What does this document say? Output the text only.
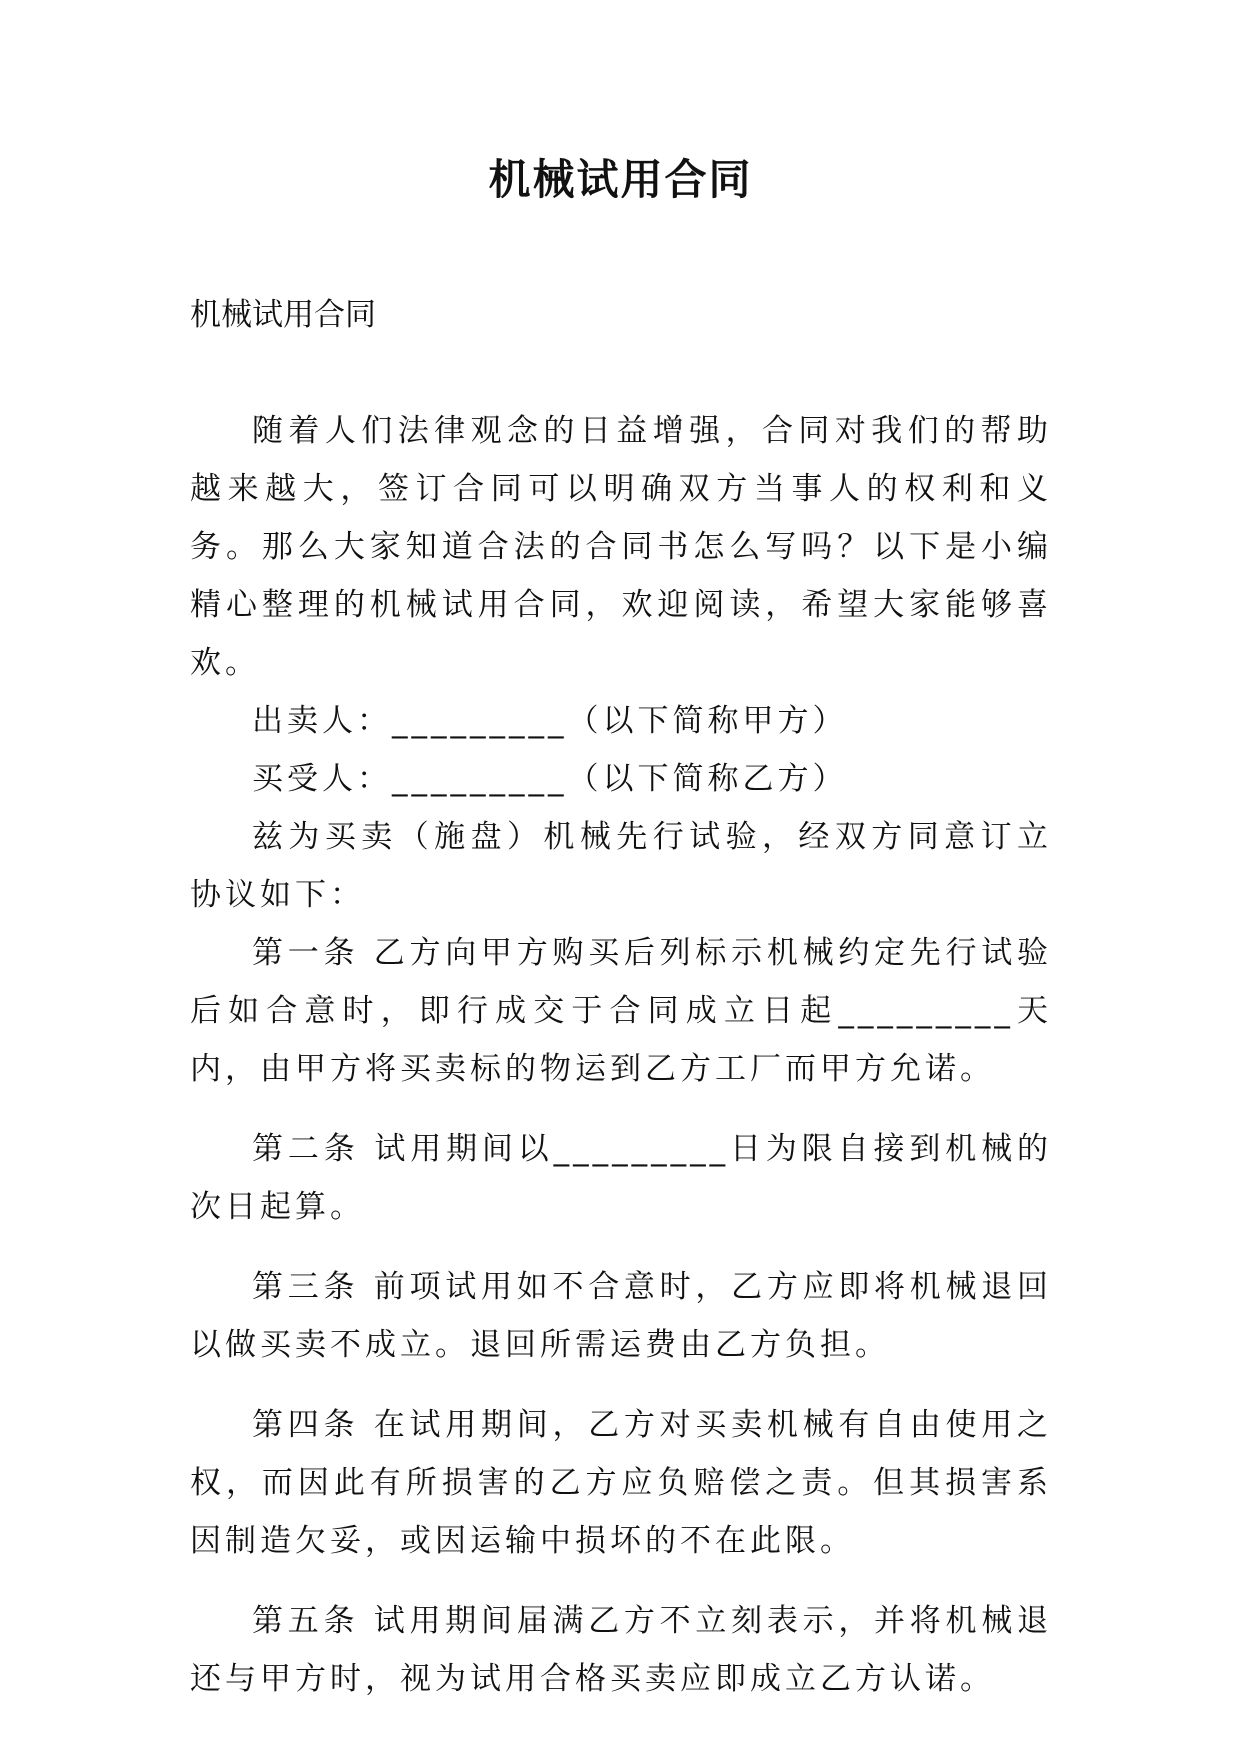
机械试用合同
机械试用合同

随着人们法律观念的日益增强，合同对我们的帮助越来越大，签订合同可以明确双方当事人的权利和义务。那么大家知道合法的合同书怎么写吗？以下是小编精心整理的机械试用合同，欢迎阅读，希望大家能够喜欢。

出卖人：_________（以下简称甲方）

买受人：_________（以下简称乙方）

兹为买卖（施盘）机械先行试验，经双方同意订立协议如下：

第一条 乙方向甲方购买后列标示机械约定先行试验后如合意时，即行成交于合同成立日起_________天内，由甲方将买卖标的物运到乙方工厂而甲方允诺。

第二条 试用期间以_________日为限自接到机械的次日起算。

第三条 前项试用如不合意时，乙方应即将机械退回以做买卖不成立。退回所需运费由乙方负担。

第四条 在试用期间，乙方对买卖机械有自由使用之权，而因此有所损害的乙方应负赔偿之责。但其损害系因制造欠妥，或因运输中损坏的不在此限。

第五条 试用期间届满乙方不立刻表示，并将机械退还与甲方时，视为试用合格买卖应即成立乙方认诺。
